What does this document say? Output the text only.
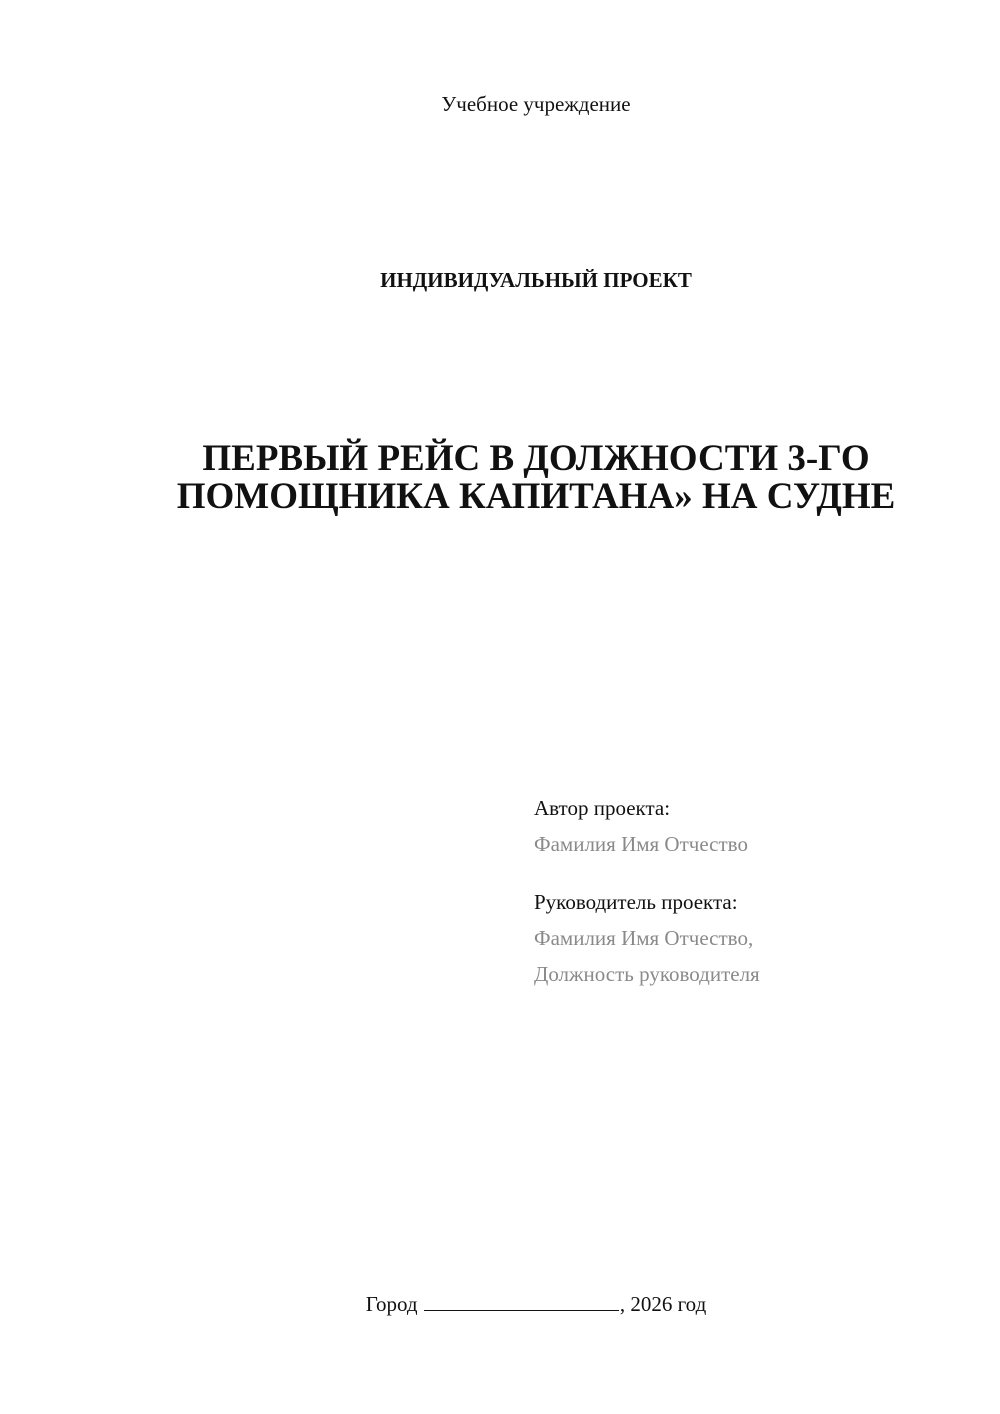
Учебное учреждение
ИНДИВИДУАЛЬНЫЙ ПРОЕКТ
ПЕРВЫЙ РЕЙС В ДОЛЖНОСТИ 3-ГО
ПОМОЩНИКА КАПИТАНА» НА СУДНЕ
Автор проекта:
Фамилия Имя Отчество
Руководитель проекта:
Фамилия Имя Отчество,
Должность руководителя
Город	, 2026 год
